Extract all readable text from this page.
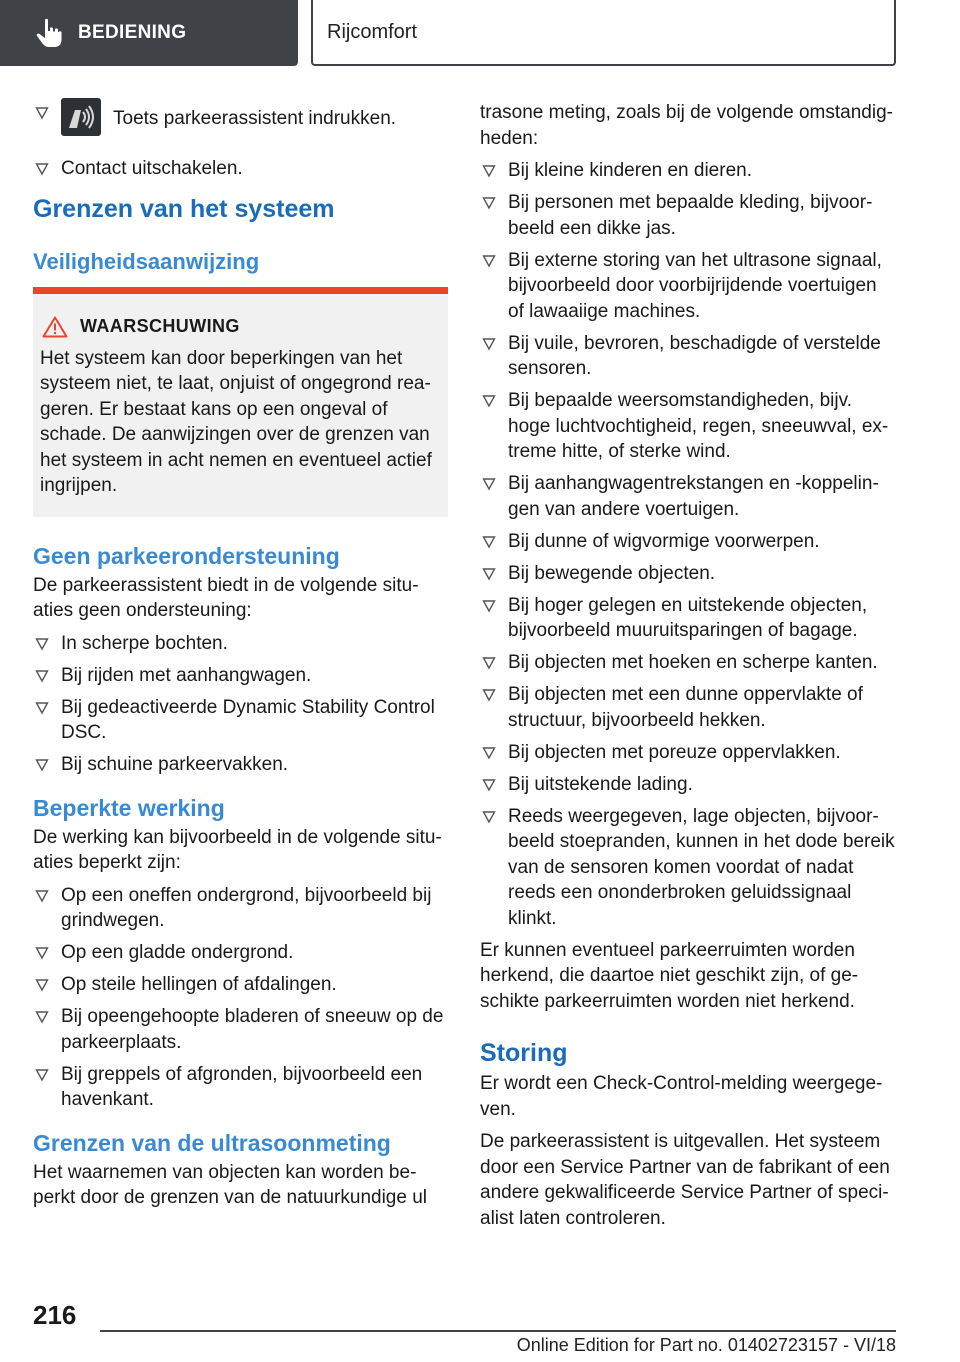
BEDIENING	Rijcomfort
Toets parkeerassistent indrukken.
Contact uitschakelen.
Grenzen van het systeem
Veiligheidsaanwijzing
WAARSCHUWING
Het systeem kan door beperkingen van het systeem niet, te laat, onjuist of ongegrond reageren. Er bestaat kans op een ongeval of schade. De aanwijzingen over de grenzen van het systeem in acht nemen en eventueel actief ingrijpen.
Geen parkeerondersteuning
De parkeerassistent biedt in de volgende situaties geen ondersteuning:
In scherpe bochten.
Bij rijden met aanhangwagen.
Bij gedeactiveerde Dynamic Stability Control DSC.
Bij schuine parkeervakken.
Beperkte werking
De werking kan bijvoorbeeld in de volgende situaties beperkt zijn:
Op een oneffen ondergrond, bijvoorbeeld bij grindwegen.
Op een gladde ondergrond.
Op steile hellingen of afdalingen.
Bij opeengehoopte bladeren of sneeuw op de parkeerplaats.
Bij greppels of afgronden, bijvoorbeeld een havenkant.
Grenzen van de ultrasoonmeting
Het waarnemen van objecten kan worden beperkt door de grenzen van de natuurkundige ul
trasone meting, zoals bij de volgende omstandigheden:
Bij kleine kinderen en dieren.
Bij personen met bepaalde kleding, bijvoorbeeld een dikke jas.
Bij externe storing van het ultrasone signaal, bijvoorbeeld door voorbijrijdende voertuigen of lawaaiige machines.
Bij vuile, bevroren, beschadigde of verstelde sensoren.
Bij bepaalde weersomstandigheden, bijv. hoge luchtvochtigheid, regen, sneeuwval, extreme hitte, of sterke wind.
Bij aanhangwagentrekstangen en -koppelingen van andere voertuigen.
Bij dunne of wigvormige voorwerpen.
Bij bewegende objecten.
Bij hoger gelegen en uitstekende objecten, bijvoorbeeld muuruitsparingen of bagage.
Bij objecten met hoeken en scherpe kanten.
Bij objecten met een dunne oppervlakte of structuur, bijvoorbeeld hekken.
Bij objecten met poreuze oppervlakken.
Bij uitstekende lading.
Reeds weergegeven, lage objecten, bijvoorbeeld stoepranden, kunnen in het dode bereik van de sensoren komen voordat of nadat reeds een ononderbroken geluidssignaal klinkt.
Er kunnen eventueel parkeerruimten worden herkend, die daartoe niet geschikt zijn, of geschikte parkeerruimten worden niet herkend.
Storing
Er wordt een Check-Control-melding weergegeven.
De parkeerassistent is uitgevallen. Het systeem door een Service Partner van de fabrikant of een andere gekwalificeerde Service Partner of specialist laten controleren.
216
Online Edition for Part no. 01402723157 - VI/18
